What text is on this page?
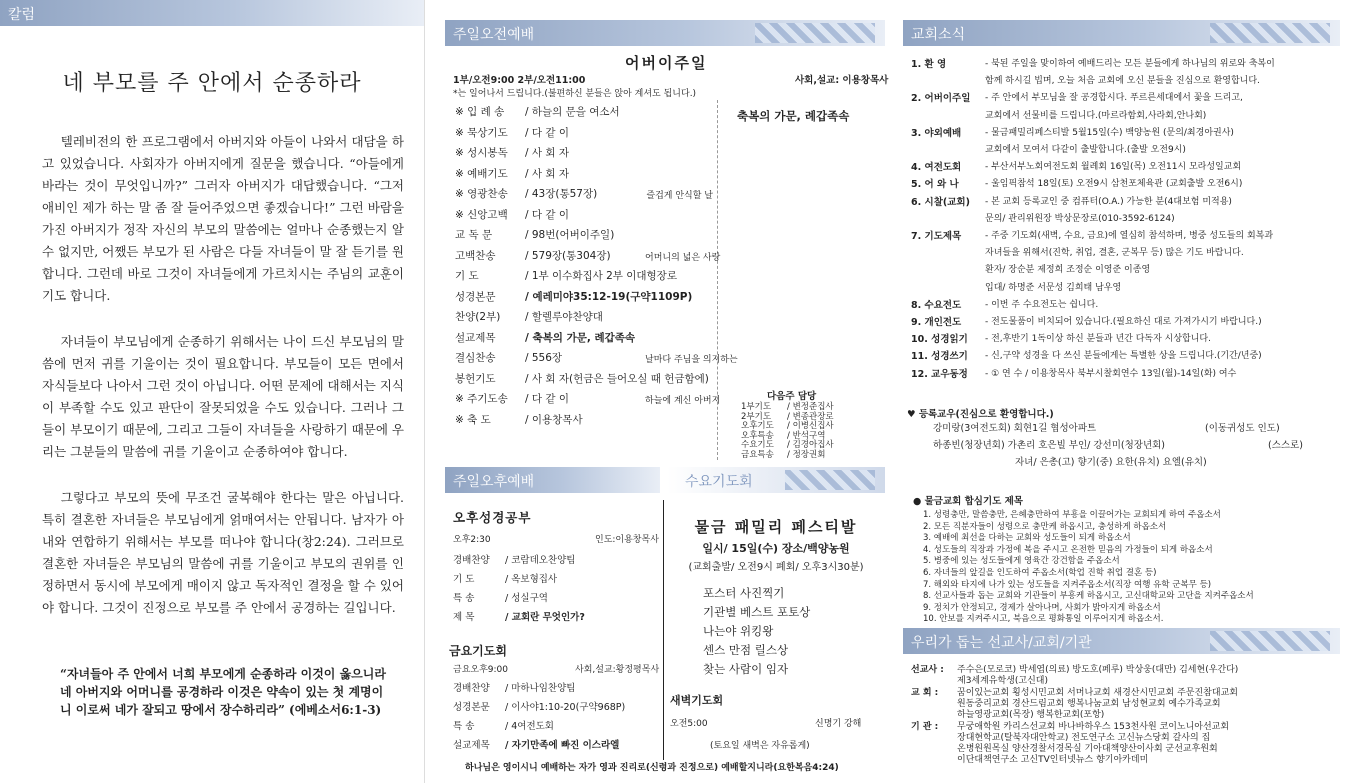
칼럼
네 부모를 주 안에서 순종하라

텔레비전의 한 프로그램에서 아버지와 아들이 나와서 대담을 하고 있었습니다. 사회자가 아버지에게 질문을 했습니다. “아들에게 바라는 것이 무엇입니까?” 그러자 아버지가 대답했습니다. “그저 애비인 제가 하는 말 좀 잘 들어주었으면 좋겠습니다!” 그런 바람을 가진 아버지가 정작 자신의 부모의 말씀에는 얼마나 순종했는지 알 수 없지만, 어쨌든 부모가 된 사람은 다들 자녀들이 말 잘 듣기를 원합니다. 그런데 바로 그것이 자녀들에게 가르치시는 주님의 교훈이기도 합니다.

자녀들이 부모님에게 순종하기 위해서는 나이 드신 부모님의 말씀에 먼저 귀를 기울이는 것이 필요합니다. 부모들이 모든 면에서 자식들보다 나아서 그런 것이 아닙니다. 어떤 문제에 대해서는 지식이 부족할 수도 있고 판단이 잘못되었을 수도 있습니다. 그러나 그들이 부모이기 때문에, 그리고 그들이 자녀들을 사랑하기 때문에 우리는 그분들의 말씀에 귀를 기울이고 순종하여야 합니다.

그렇다고 부모의 뜻에 무조건 굴복해야 한다는 말은 아닙니다. 특히 결혼한 자녀들은 부모님에게 얽매여서는 안됩니다. 남자가 아내와 연합하기 위해서는 부모를 떠나야 합니다(창2:24). 그러므로 결혼한 자녀들은 부모님의 말씀에 귀를 기울이고 부모의 권위를 인정하면서 동시에 부모에게 매이지 않고 독자적인 결정을 할 수 있어야 합니다. 그것이 진정으로 부모를 주 안에서 공경하는 길입니다.

“자녀들아 주 안에서 너희 부모에게 순종하라 이것이 옳으니라 네 아버지와 어머니를 공경하라 이것은 약속이 있는 첫 계명이니 이로써 네가 잘되고 땅에서 장수하리라” (에베소서6:1-3)

주일오전예배
어버이주일
1부/오전9:00 2부/오전11:00	사회,설교: 이용창목사
*는 일어나서 드립니다.(불편하신 분들은 앉아 계셔도 됩니다.)
축복의 가문, 례갑족속
※ 입 례 송 / 하늘의 문을 여소서
※ 묵상기도 / 다 같 이
※ 성시봉독 / 사 회 자
※ 예배기도 / 사 회 자
※ 영광찬송 / 43장(통57장)	즐겁게 안식할 날
※ 신앙고백 / 다 같 이
교 독 문	/ 98번(어버이주일)
고백찬송	/ 579장(통304장)	어머니의 넓은 사랑
기 도	/ 1부 이수화집사 2부 이대형장로
성경본문	/ 예레미야35:12-19(구약1109P)
찬양(2부) / 할렐루야찬양대
설교제목	/ 축복의 가문, 례갑족속
결심찬송	/ 556장	날마다 주님을 의지하는
봉헌기도	/ 사 회 자(헌금은 들어오실 때 헌금함에)
※ 주기도송 / 다 같 이	하늘에 계신 아버지
※ 축 도	/ 이용창목사
다음주 담당
1부기도 / 변정준집사
2부기도 / 변종관장로
오후기도 / 이병신집사
오후특송 / 반석구역
수요기도 / 김경아집사
금요특송 / 정장권회
주일오후예배	수요기도회
오후성경공부
오후2:30	인도:이용창목사
경배찬양 / 코람데오찬양팀
기 도	/ 옥보형집사
특 송	/ 성실구역
제 목	/ 교회란 무엇인가?
금요기도회
금요오후9:00	사회,설교:황정평목사
경배찬양 / 마하나임찬양팀
성경본문 / 이사야1:10-20(구약968P)
특 송	/ 4여전도회
설교제목 / 자기만족에 빠진 이스라엘
하나님은 영이시니 예배하는 자가 영과 진리로(신령과 진정으로) 예배할지니라(요한복음4:24)
물금 패밀리 페스티발
일시/ 15일(수) 장소/백양농원
(교회출발/ 오전9시 폐회/ 오후3시30분)
포스터 사진찍기
기관별 베스트 포토상
나는야 위킹왕
센스 만점 릴스상
찾는 사람이 임자
새벽기도회
오전5:00	신명기 강해
(토요일 새벽은 자유롭게)
교회소식
1. 환 영	- 북된 주일을 맞이하여 예배드리는 모든 분들에게 하나님의 위로와 축복이
함께 하시길 빕며, 오늘 처음 교회에 오신 분들을 진심으로 환영합니다.
2. 어버이주일 - 주 안에서 부모님을 잘 공경합시다. 푸르른세대에서 꽃을 드리고,
교회에서 선물비를 드립니다.(마르라함회,사라회,안나회)
3. 야외예배	- 물금패밀리페스티발 5월15일(수) 백양농원 (문의/최경아권사)
교회에서 모여서 다같이 출발합니다.(출발 오전9시)
4. 여전도회	- 부산서부노회여전도회 월례회 16일(목) 오전11시 모라성일교회
5. 어 와 나	- 울임픽참석 18일(토) 오전9시 삼천포체육관 (교회출발 오전6시)
6. 시찰(교회) - 본 교회 등록교인 중 컴퓨터(O.A.) 가능한 분(4대보험 미적용)
문의/ 관리위원장 박상문장로(010-3592-6124)
7. 기도제목	- 주중 기도회(새벽, 수요, 금요)에 열심히 참석하며, 병중 성도들의 회복과
자녀들을 위해서(진학, 취업, 결혼, 군복무 등) 많은 기도 바랍니다.
환자/ 장순분 제정희 조정순 이영준 이종영
입대/ 하명준 서문성 김희태 남우영
8. 수요전도	- 이번 주 수요전도는 쉽니다.
9. 개인전도	- 전도물품이 비치되어 있습니다.(필요하신 대로 가져가시기 바랍니다.)
10. 성경읽기 - 전,후반기 1독이상 하신 분들과 년간 다독자 시상합니다.
11. 성경쓰기 - 신,구약 성경을 다 쓰신 분들에게는 특별한 상을 드립니다.(기간/년중)
12. 교우동정 - ① 연 수 / 이용창목사 북부시찰회연수 13일(월)-14일(화) 여수
♥ 등록교우(진심으로 환영합니다.)
강미랑(3여전도회) 회현1길 협성아파트	(이동귀성도 인도)
하종빈(청장년회) 가촌리 호은빌 부인/ 강선미(청장년회)	(스스로)
자녀/ 은총(고) 향기(중) 요한(유치) 요엘(유치)
● 물금교회 합심기도 제목
1. 성령충만, 말씀충만, 은혜충만하여 부흥을 이끌어가는 교회되게 하여 주옵소서
2. 모든 직분자들이 성령으로 충만케 하옵시고, 충성하게 하옵소서
3. 예배에 최선을 다하는 교회와 성도들이 되게 하옵소서
4. 성도들의 직장과 가정에 복을 주시고 온전한 믿음의 가정들이 되게 하옵소서
5. 병중에 있는 성도들에게 영육간 강건함을 주옵소서
6. 자녀들의 앞길을 인도하여 주옵소서(학업 진학 취업 결혼 등)
7. 해외와 타지에 나가 있는 성도들을 지켜주옵소서(직장 여행 유학 군복무 등)
8. 선교사들과 돕는 교회와 기관들이 부흥케 하옵시고, 고신대학교와 고단을 지켜주옵소서
9. 정치가 안정되고, 경제가 살아나며, 사회가 밝아지게 하옵소서
10. 안보를 지켜주시고, 북음으로 평화통일 이루어지게 하옵소서.
우리가 돕는 선교사/교회/기관
선교사 : 주수은(모로코) 박세엽(의료) 방도호(페루) 박상웅(대만) 김세현(우간다)
제3세계유학생(고신대)
교 회 : 꿈이있는교회 횡성시민교회 서머나교회 새경산시민교회 주문진참대교회
원동중리교회 경산드림교회 행복나눔교회 남성현교회 예수가족교회
하늘영광교회(목장) 행복한교회(포항)
기 관 : 무궁애학원 카리스선교회 바나바하우스 153천사원 코이노니아선교회
장대현학교(탈북자대안학교) 전도연구소 고신뉴스당회 갈사의 집
온병원원목실 양산경찰서경목실 기아대책양산이사회 군선교후원회
이단대책연구소 고신TV인터넷뉴스 향기아카데미
